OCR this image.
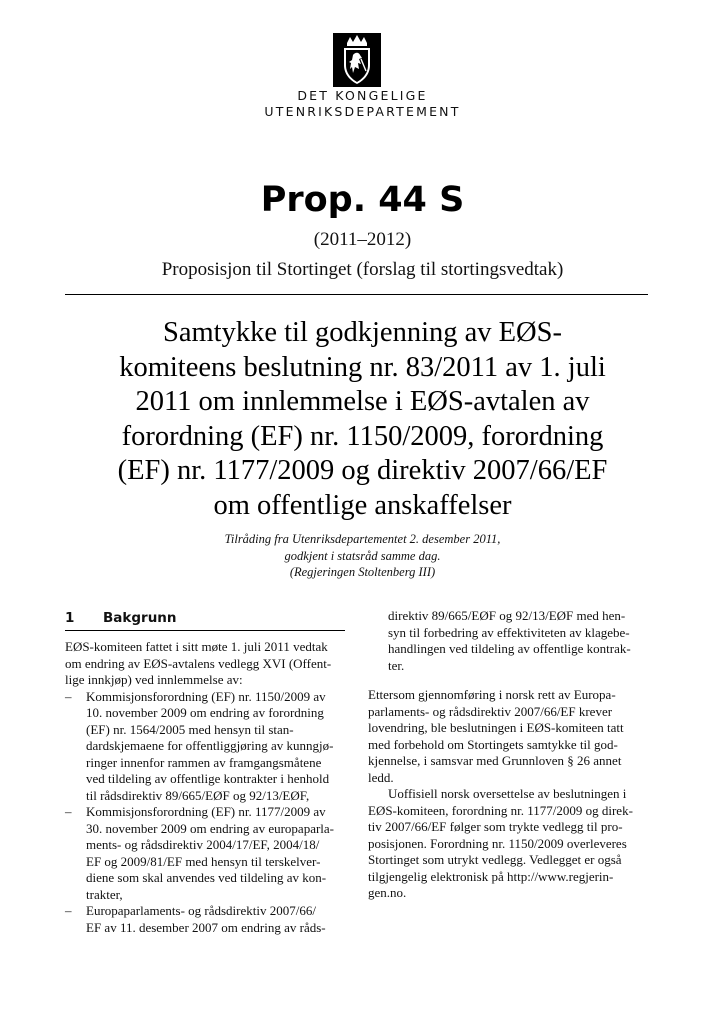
DET KONGELIGE
UTENRIKSDEPARTEMENT
Prop. 44 S
(2011–2012)
Proposisjon til Stortinget (forslag til stortingsvedtak)
Samtykke til godkjenning av EØS-
komiteens beslutning nr. 83/2011 av 1. juli
2011 om innlemmelse i EØS-avtalen av
forordning (EF) nr. 1150/2009, forordning
(EF) nr. 1177/2009 og direktiv 2007/66/EF
om offentlige anskaffelser
Tilråding fra Utenriksdepartementet 2. desember 2011,
godkjent i statsråd samme dag.
(Regjeringen Stoltenberg III)
1 Bakgrunn
EØS-komiteen fattet i sitt møte 1. juli 2011 vedtak
om endring av EØS-avtalens vedlegg XVI (Offent-
lige innkjøp) ved innlemmelse av:
– Kommisjonsforordning (EF) nr. 1150/2009 av
10. november 2009 om endring av forordning
(EF) nr. 1564/2005 med hensyn til stan-
dardskjemaene for offentliggjøring av kunngjø-
ringer innenfor rammen av framgangsmåtene
ved tildeling av offentlige kontrakter i henhold
til rådsdirektiv 89/665/EØF og 92/13/EØF,
– Kommisjonsforordning (EF) nr. 1177/2009 av
30. november 2009 om endring av europaparla-
ments- og rådsdirektiv 2004/17/EF, 2004/18/
EF og 2009/81/EF med hensyn til terskelver-
diene som skal anvendes ved tildeling av kon-
trakter,
– Europaparlaments- og rådsdirektiv 2007/66/
EF av 11. desember 2007 om endring av råds-
direktiv 89/665/EØF og 92/13/EØF med hen-
syn til forbedring av effektiviteten av klagebe-
handlingen ved tildeling av offentlige kontrak-
ter.
Ettersom gjennomføring i norsk rett av Europa-
parlaments- og rådsdirektiv 2007/66/EF krever
lovendring, ble beslutningen i EØS-komiteen tatt
med forbehold om Stortingets samtykke til god-
kjennelse, i samsvar med Grunnloven § 26 annet
ledd.
Uoffisiell norsk oversettelse av beslutningen i
EØS-komiteen, forordning nr. 1177/2009 og direk-
tiv 2007/66/EF følger som trykte vedlegg til pro-
posisjonen. Forordning nr. 1150/2009 overleveres
Stortinget som utrykt vedlegg. Vedlegget er også
tilgjengelig elektronisk på http://www.regjerin-
gen.no.
